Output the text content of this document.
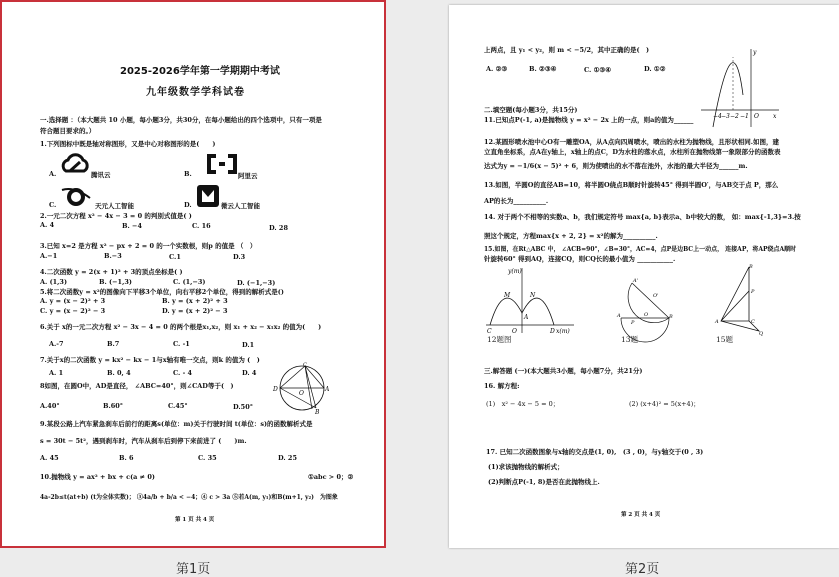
2025-2026学年第一学期期中考试
九年级数学学科试卷
一.选择题 ：（本大题共 10 小题，每小题3分，共30分，在每小题给出的四个选项中，只有一项是
符合题目要求的。）
1.下列图标中既是轴对称图形，又是中心对称图形的是(　　)
A.	腾讯云	B.	阿里云
C.	天元人工智能	D.	微云人工智能
2.一元二次方程 x² − 4x − 3 = 0 的判别式值是( )
A. 4	B. −4	C. 16	D. 28
3.已知 x=2 是方程 x² − px + 2 = 0 的一个实数根，则p 的值是 （　）
A.−1	B.−3	C.1	D.3
4.二次函数 y = 2(x + 1)² + 3的顶点坐标是( )
A. (1,3)	B. (−1,3)	C. (1,−3)	D. (−1,−3)
5.将二次函数y = x²的图像向下平移3个单位，向右平移2个单位，得到的解析式是()
A. y = (x − 2)² + 3	B. y = (x + 2)² + 3
C. y = (x − 2)² − 3	D. y = (x + 2)² − 3
6.关于 x的一元二次方程 x² − 3x − 4 = 0 的两个根是x₁,x₂，则 x₁ + x₂ − x₁x₂ 的值为(　　)
A.-7	B.7	C. -1	D.1
7.关于x的二次函数 y = kx² − kx − 1与x轴有唯一交点，则k 的值为 (　)
A. 1	B. 0, 4	C. - 4	D. 4
D	A
O
B
C
8如图，在圆O中，AD是直径， ∠ABC=40°，则∠CAD等于(　)
A.40°	B.60°	C.45°	D.50°
9.某段公路上汽车紧急刹车后前行的距离s(单位：m)关于行驶时间 t(单位：s)的函数解析式是
s = 30t − 5t²，遇到刹车时，汽车从刹车后到停下来前进了 (　　)m.
A. 45	B. 6	C. 35	D. 25
10.抛物线 y = ax² + bx + c(a ≠ 0)	①abc > 0；②
4a-2b≤t(at+b) (t为全体实数)； ③4a/b + b/a < −4；④ c > 3a ⑤若A(m, y₁)和B(m+1, y₂)　为图象
第 1 页 共 4 页
第1页
上两点，且 y₁ < y₂，则 m < −5/2，其中正确的是(　)
A. ②③	B. ②③④	C. ①③④	D. ①②
−4 −3 −2 −1 O x
y
二.填空题(每小题3分，共15分)
11.已知点P(-1, a)是抛物线 y = x² − 2x 上的一点，则a的值为______
12.某圆形喷水池中心O有一雕塑OA，从A点向四周喷水，喷出的水柱为抛物线，且形状相同.如图，建
立直角坐标系，点A在y轴上，x轴上的点C，D为水柱的落水点，水柱所在抛物线第一象限部分的函数表
达式为y = −1/6(x − 5)² + 6，则为使喷出的水不落在池外，水池的最大半径为______m.
13.如图，半圆O的直径AB=10，将半圆O绕点B顺时针旋转45° 得到半圆O′，与AB交于点 P，那么
AP的长为__________.
14. 对于两个不相等的实数a、b，我们规定符号 max{a, b}表示a、b中较大的数， 如：max{-1,3}=3.按
照这个规定，方程max{x + 2, 2} = x²的解为__________.
15.如图，在Rt△ABC 中， ∠ACB=90°，∠B=30°，AC=4，点P是边BC上一动点， 连接AP，将AP绕点A顺时
针旋转60° 得到AQ，连接CQ，则CQ长的最小值为 ___________.
y(m)
M	N
A
C	O	D x(m)
12题图
A	B
A'
O'
O
P
13题
B
P
C
A
Q
15题
三.解答题 (一)(本大题共3小题，每小题7分，共21分)
16. 解方程:
(1)　x² − 4x − 5 = 0；	(2) (x+4)² = 5(x+4)；
17. 已知二次函数图象与x轴的交点是(1, 0),　(3 , 0)，与y轴交于(0 , 3)
(1)求该抛物线的解析式；
(2)判断点P(-1, 8)是否在此抛物线上.
第 2 页 共 4 页
第2页
